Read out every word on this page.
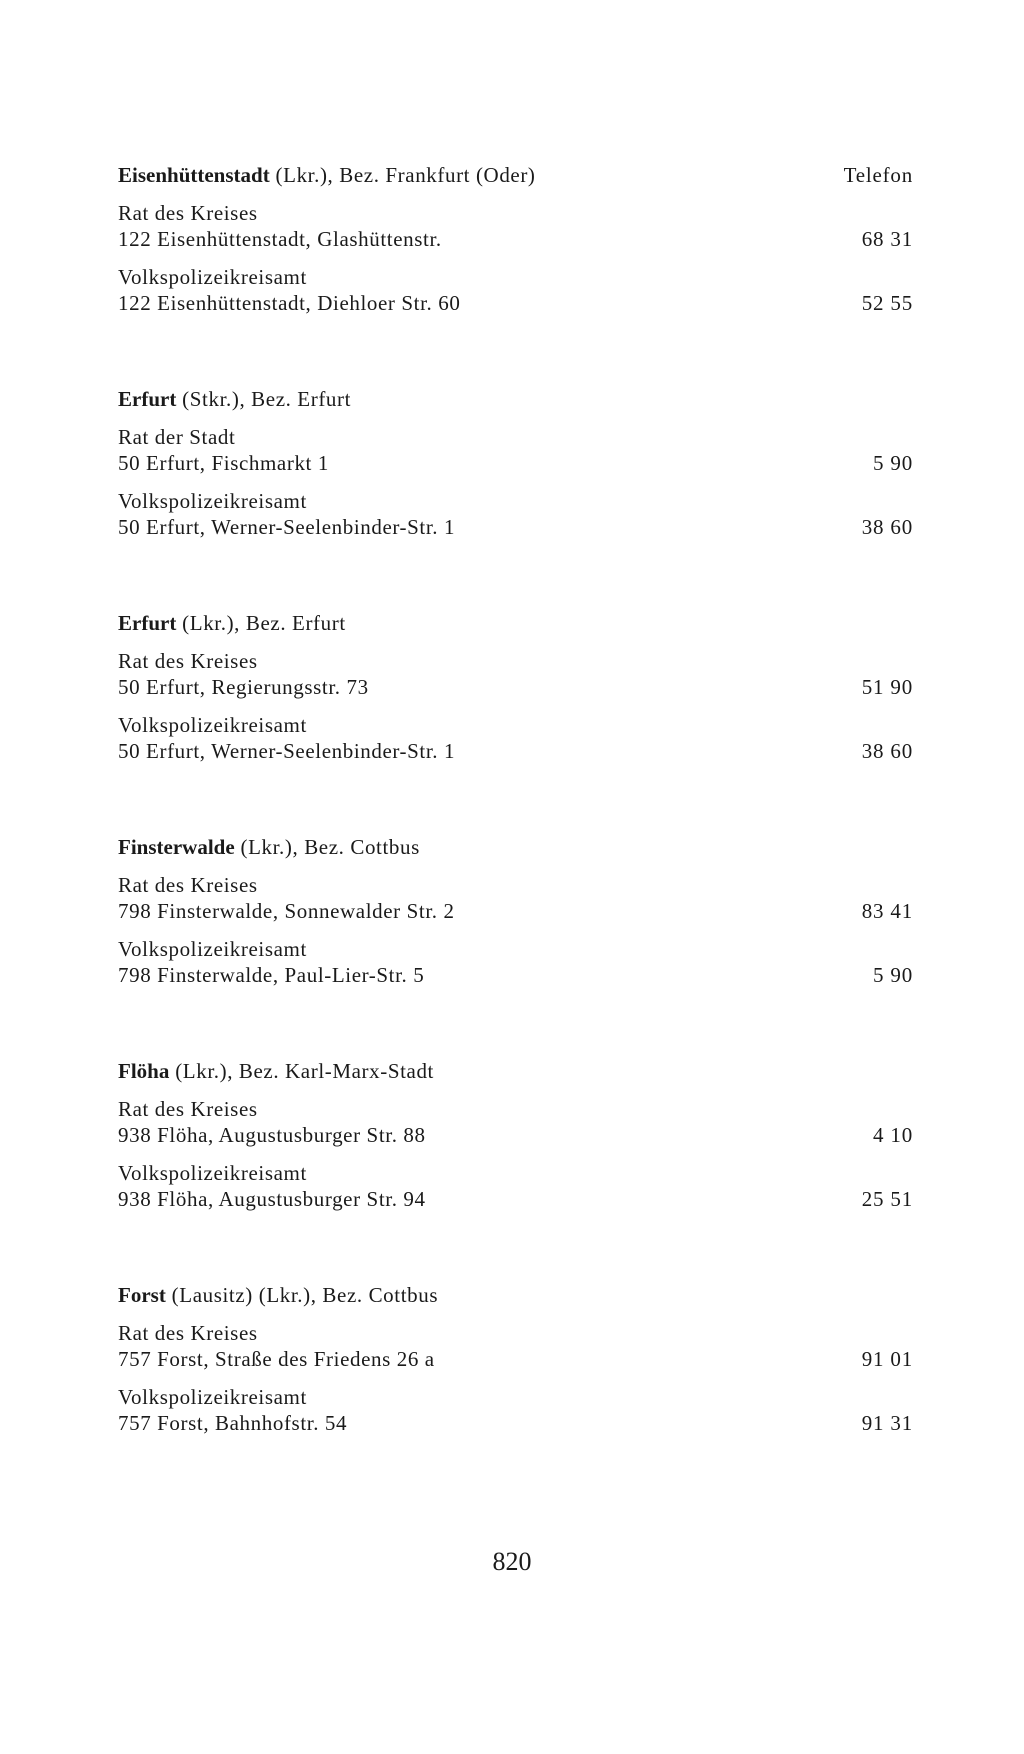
Eisenhüttenstadt (Lkr.), Bez. Frankfurt (Oder)	Telefon
Rat des Kreises
122 Eisenhüttenstadt, Glashüttenstr.	68 31
Volkspolizeikreisamt
122 Eisenhüttenstadt, Diehloer Str. 60	52 55
Erfurt (Stkr.), Bez. Erfurt
Rat der Stadt
50 Erfurt, Fischmarkt 1	5 90
Volkspolizeikreisamt
50 Erfurt, Werner-Seelenbinder-Str. 1	38 60
Erfurt (Lkr.), Bez. Erfurt
Rat des Kreises
50 Erfurt, Regierungsstr. 73	51 90
Volkspolizeikreisamt
50 Erfurt, Werner-Seelenbinder-Str. 1	38 60
Finsterwalde (Lkr.), Bez. Cottbus
Rat des Kreises
798 Finsterwalde, Sonnewalder Str. 2	83 41
Volkspolizeikreisamt
798 Finsterwalde, Paul-Lier-Str. 5	5 90
Flöha (Lkr.), Bez. Karl-Marx-Stadt
Rat des Kreises
938 Flöha, Augustusburger Str. 88	4 10
Volkspolizeikreisamt
938 Flöha, Augustusburger Str. 94	25 51
Forst (Lausitz) (Lkr.), Bez. Cottbus
Rat des Kreises
757 Forst, Straße des Friedens 26 a	91 01
Volkspolizeikreisamt
757 Forst, Bahnhofstr. 54	91 31
820
